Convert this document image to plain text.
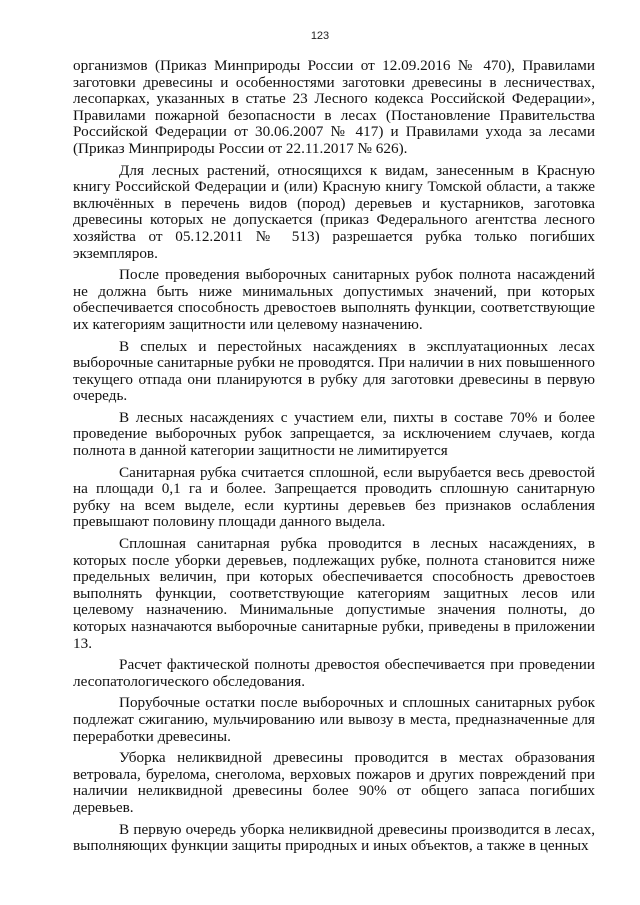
123

организмов (Приказ Минприроды России от 12.09.2016 № 470), Правилами заготовки древесины и особенностями заготовки древесины в лесничествах, лесопарках, указанных в статье 23 Лесного кодекса Российской Федерации», Правилами пожарной безопасности в лесах (Постановление Правительства Российской Федерации от 30.06.2007 № 417) и Правилами ухода за лесами (Приказ Минприроды России от 22.11.2017 № 626).

Для лесных растений, относящихся к видам, занесенным в Красную книгу Российской Федерации и (или) Красную книгу Томской области, а также включённых в перечень видов (пород) деревьев и кустарников, заготовка древесины которых не допускается (приказ Федерального агентства лесного хозяйства от 05.12.2011 № 513) разрешается рубка только погибших экземпляров.

После проведения выборочных санитарных рубок полнота насаждений не должна быть ниже минимальных допустимых значений, при которых обеспечивается способность древостоев выполнять функции, соответствующие их категориям защитности или целевому назначению.

В спелых и перестойных насаждениях в эксплуатационных лесах выборочные санитарные рубки не проводятся. При наличии в них повышенного текущего отпада они планируются в рубку для заготовки древесины в первую очередь.

В лесных насаждениях с участием ели, пихты в составе 70% и более проведение выборочных рубок запрещается, за исключением случаев, когда полнота в данной категории защитности не лимитируется

Санитарная рубка считается сплошной, если вырубается весь древостой на площади 0,1 га и более. Запрещается проводить сплошную санитарную рубку на всем выделе, если куртины деревьев без признаков ослабления превышают половину площади данного выдела.

Сплошная санитарная рубка проводится в лесных насаждениях, в которых после уборки деревьев, подлежащих рубке, полнота становится ниже предельных величин, при которых обеспечивается способность древостоев выполнять функции, соответствующие категориям защитных лесов или целевому назначению. Минимальные допустимые значения полноты, до которых назначаются выборочные санитарные рубки, приведены в приложении 13.

Расчет фактической полноты древостоя обеспечивается при проведении лесопатологического обследования.

Порубочные остатки после выборочных и сплошных санитарных рубок подлежат сжиганию, мульчированию или вывозу в места, предназначенные для переработки древесины.

Уборка неликвидной древесины проводится в местах образования ветровала, бурелома, снеголома, верховых пожаров и других повреждений при наличии неликвидной древесины более 90% от общего запаса погибших деревьев.

В первую очередь уборка неликвидной древесины производится в лесах, выполняющих функции защиты природных и иных объектов, а также в ценных
